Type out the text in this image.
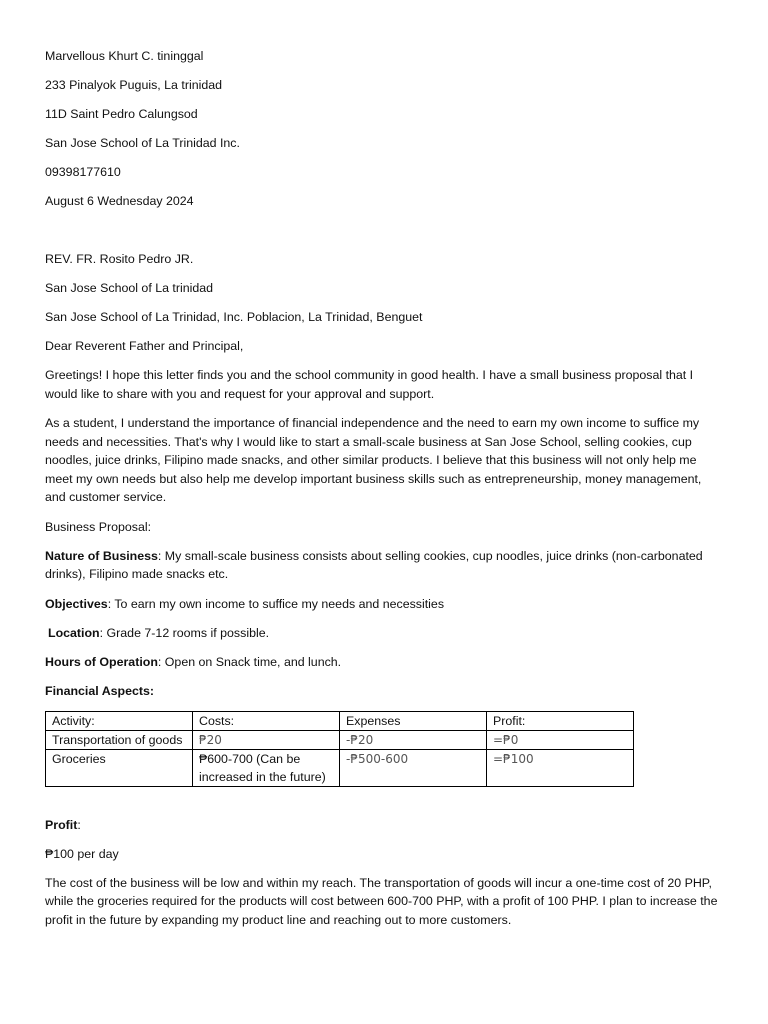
Marvellous Khurt C. tininggal

233 Pinalyok Puguis, La trinidad

11D Saint Pedro Calungsod

San Jose School of La Trinidad Inc.

09398177610

August 6 Wednesday 2024

REV. FR. Rosito Pedro JR.

San Jose School of La trinidad

San Jose School of La Trinidad, Inc. Poblacion, La Trinidad, Benguet

Dear Reverent Father and Principal,

Greetings! I hope this letter finds you and the school community in good health. I have a small business proposal that I would like to share with you and request for your approval and support.

As a student, I understand the importance of financial independence and the need to earn my own income to suffice my needs and necessities. That's why I would like to start a small-scale business at San Jose School, selling cookies, cup noodles, juice drinks, Filipino made snacks, and other similar products. I believe that this business will not only help me meet my own needs but also help me develop important business skills such as entrepreneurship, money management, and customer service.

Business Proposal:

Nature of Business: My small-scale business consists about selling cookies, cup noodles, juice drinks (non-carbonated drinks), Filipino made snacks etc.

Objectives: To earn my own income to suffice my needs and necessities

Location: Grade 7-12 rooms if possible.

Hours of Operation: Open on Snack time, and lunch.

Financial Aspects:

Activity:	Costs:	Expenses	Profit:
Transportation of goods	₱20	-₱20	=₱0
Groceries	₱600-700 (Can be increased in the future)	-₱500-600	=₱100

Profit:

₱100 per day

The cost of the business will be low and within my reach. The transportation of goods will incur a one-time cost of 20 PHP, while the groceries required for the products will cost between 600-700 PHP, with a profit of 100 PHP. I plan to increase the profit in the future by expanding my product line and reaching out to more customers.
